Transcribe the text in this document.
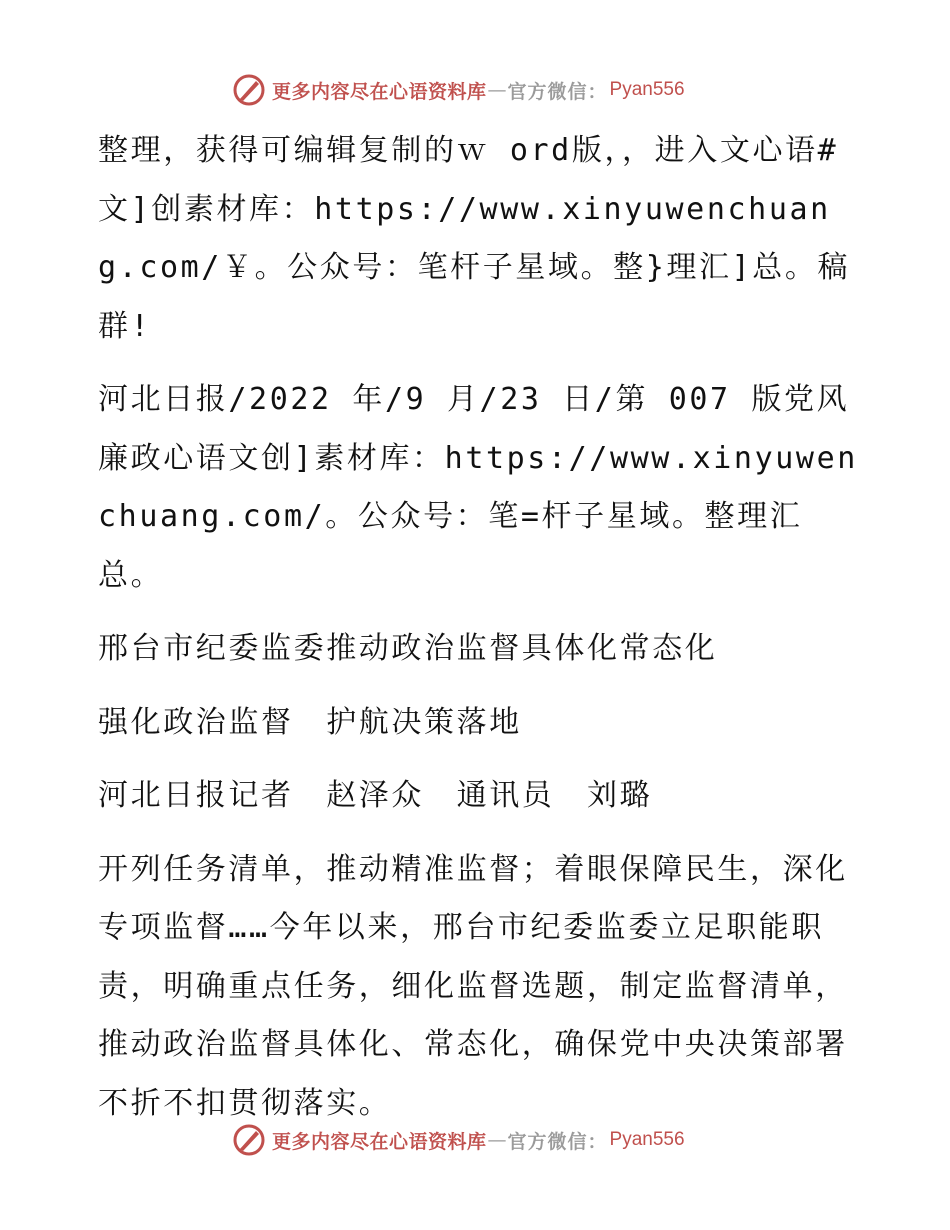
更多内容尽在心语资料库 — 官方微信： Pyan556

整理，获得可编辑复制的ｗ ord版，，进入文心语#文]创素材库：https://www.xinyuwenchuang.com/￥。公众号：笔杆子星域。整}理汇]总。稿群!

河北日报/2022 年/9 月/23 日/第 007 版党风廉政心语文创]素材库：https://www.xinyuwenchuang.com/。公众号：笔=杆子星域。整理汇总。

邢台市纪委监委推动政治监督具体化常态化

强化政治监督　护航决策落地

河北日报记者　赵泽众　通讯员　刘璐

开列任务清单，推动精准监督；着眼保障民生，深化专项监督……今年以来，邢台市纪委监委立足职能职责，明确重点任务，细化监督选题，制定监督清单，推动政治监督具体化、常态化，确保党中央决策部署不折不扣贯彻落实。

更多内容尽在心语资料库 — 官方微信： Pyan556
